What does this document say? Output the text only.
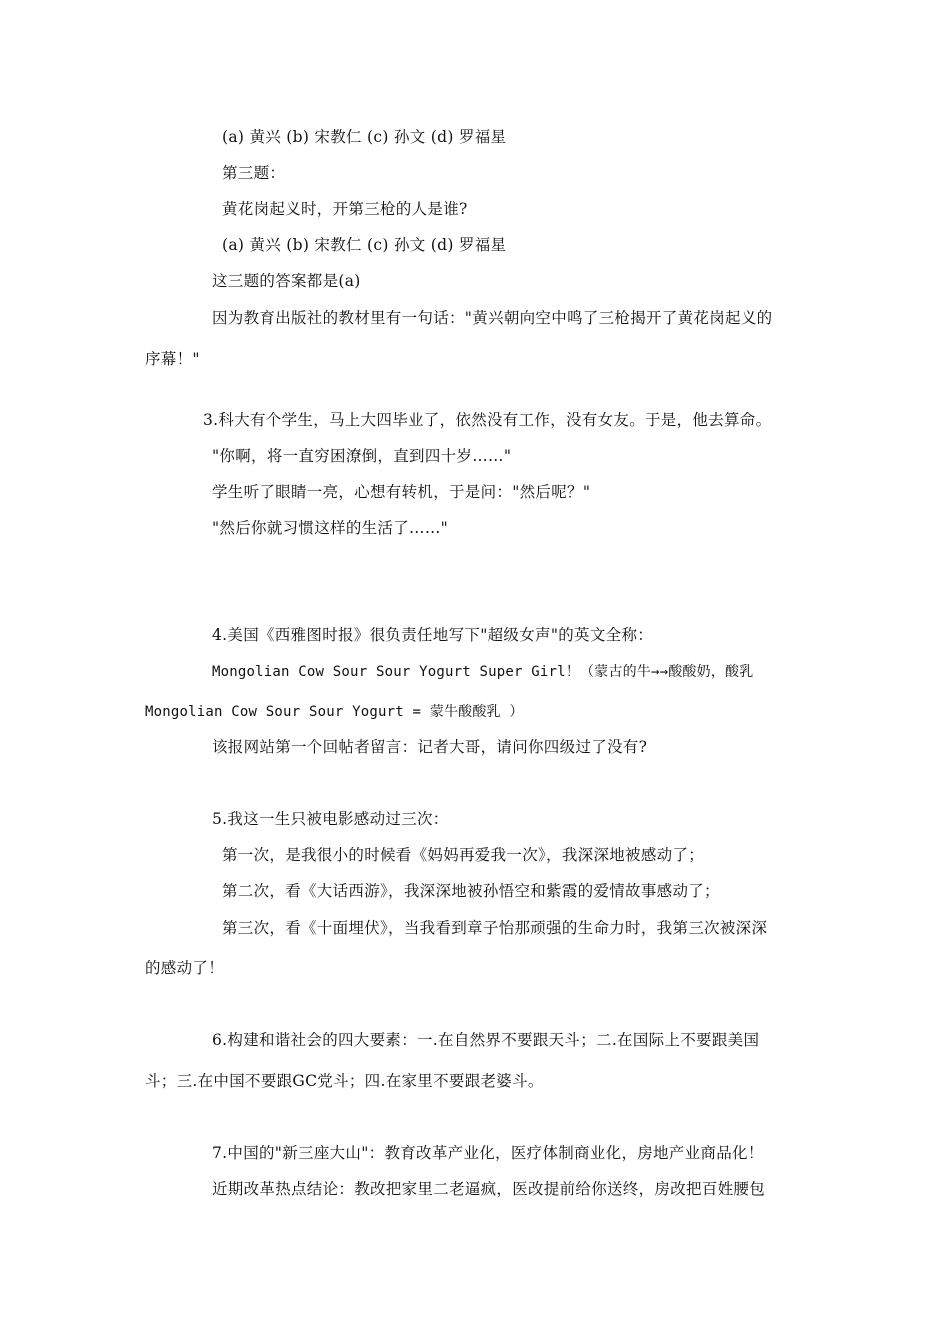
(a) 黄兴 (b) 宋教仁 (c) 孙文 (d) 罗福星
第三题：
黄花岗起义时，开第三枪的人是谁?
(a) 黄兴 (b) 宋教仁 (c) 孙文 (d) 罗福星
这三题的答案都是(a)
因为教育出版社的教材里有一句话："黄兴朝向空中鸣了三枪揭开了黄花岗起义的
序幕！"
3.科大有个学生，马上大四毕业了，依然没有工作，没有女友。于是，他去算命。
"你啊，将一直穷困潦倒，直到四十岁……"
学生听了眼睛一亮，心想有转机，于是问："然后呢？"
"然后你就习惯这样的生活了……"
4.美国《西雅图时报》很负责任地写下"超级女声"的英文全称：
Mongolian Cow Sour Sour Yogurt Super Girl！（蒙古的牛→→酸酸奶，酸乳
Mongolian Cow Sour Sour Yogurt = 蒙牛酸酸乳 ）
该报网站第一个回帖者留言：记者大哥，请问你四级过了没有?
5.我这一生只被电影感动过三次：
第一次，是我很小的时候看《妈妈再爱我一次》，我深深地被感动了；
第二次，看《大话西游》，我深深地被孙悟空和紫霞的爱情故事感动了；
第三次，看《十面埋伏》，当我看到章子怡那顽强的生命力时，我第三次被深深
的感动了！
6.构建和谐社会的四大要素：一.在自然界不要跟天斗；二.在国际上不要跟美国
斗；三.在中国不要跟GC党斗；四.在家里不要跟老婆斗。
7.中国的"新三座大山"：教育改革产业化，医疗体制商业化，房地产业商品化！
近期改革热点结论：教改把家里二老逼疯，医改提前给你送终，房改把百姓腰包
